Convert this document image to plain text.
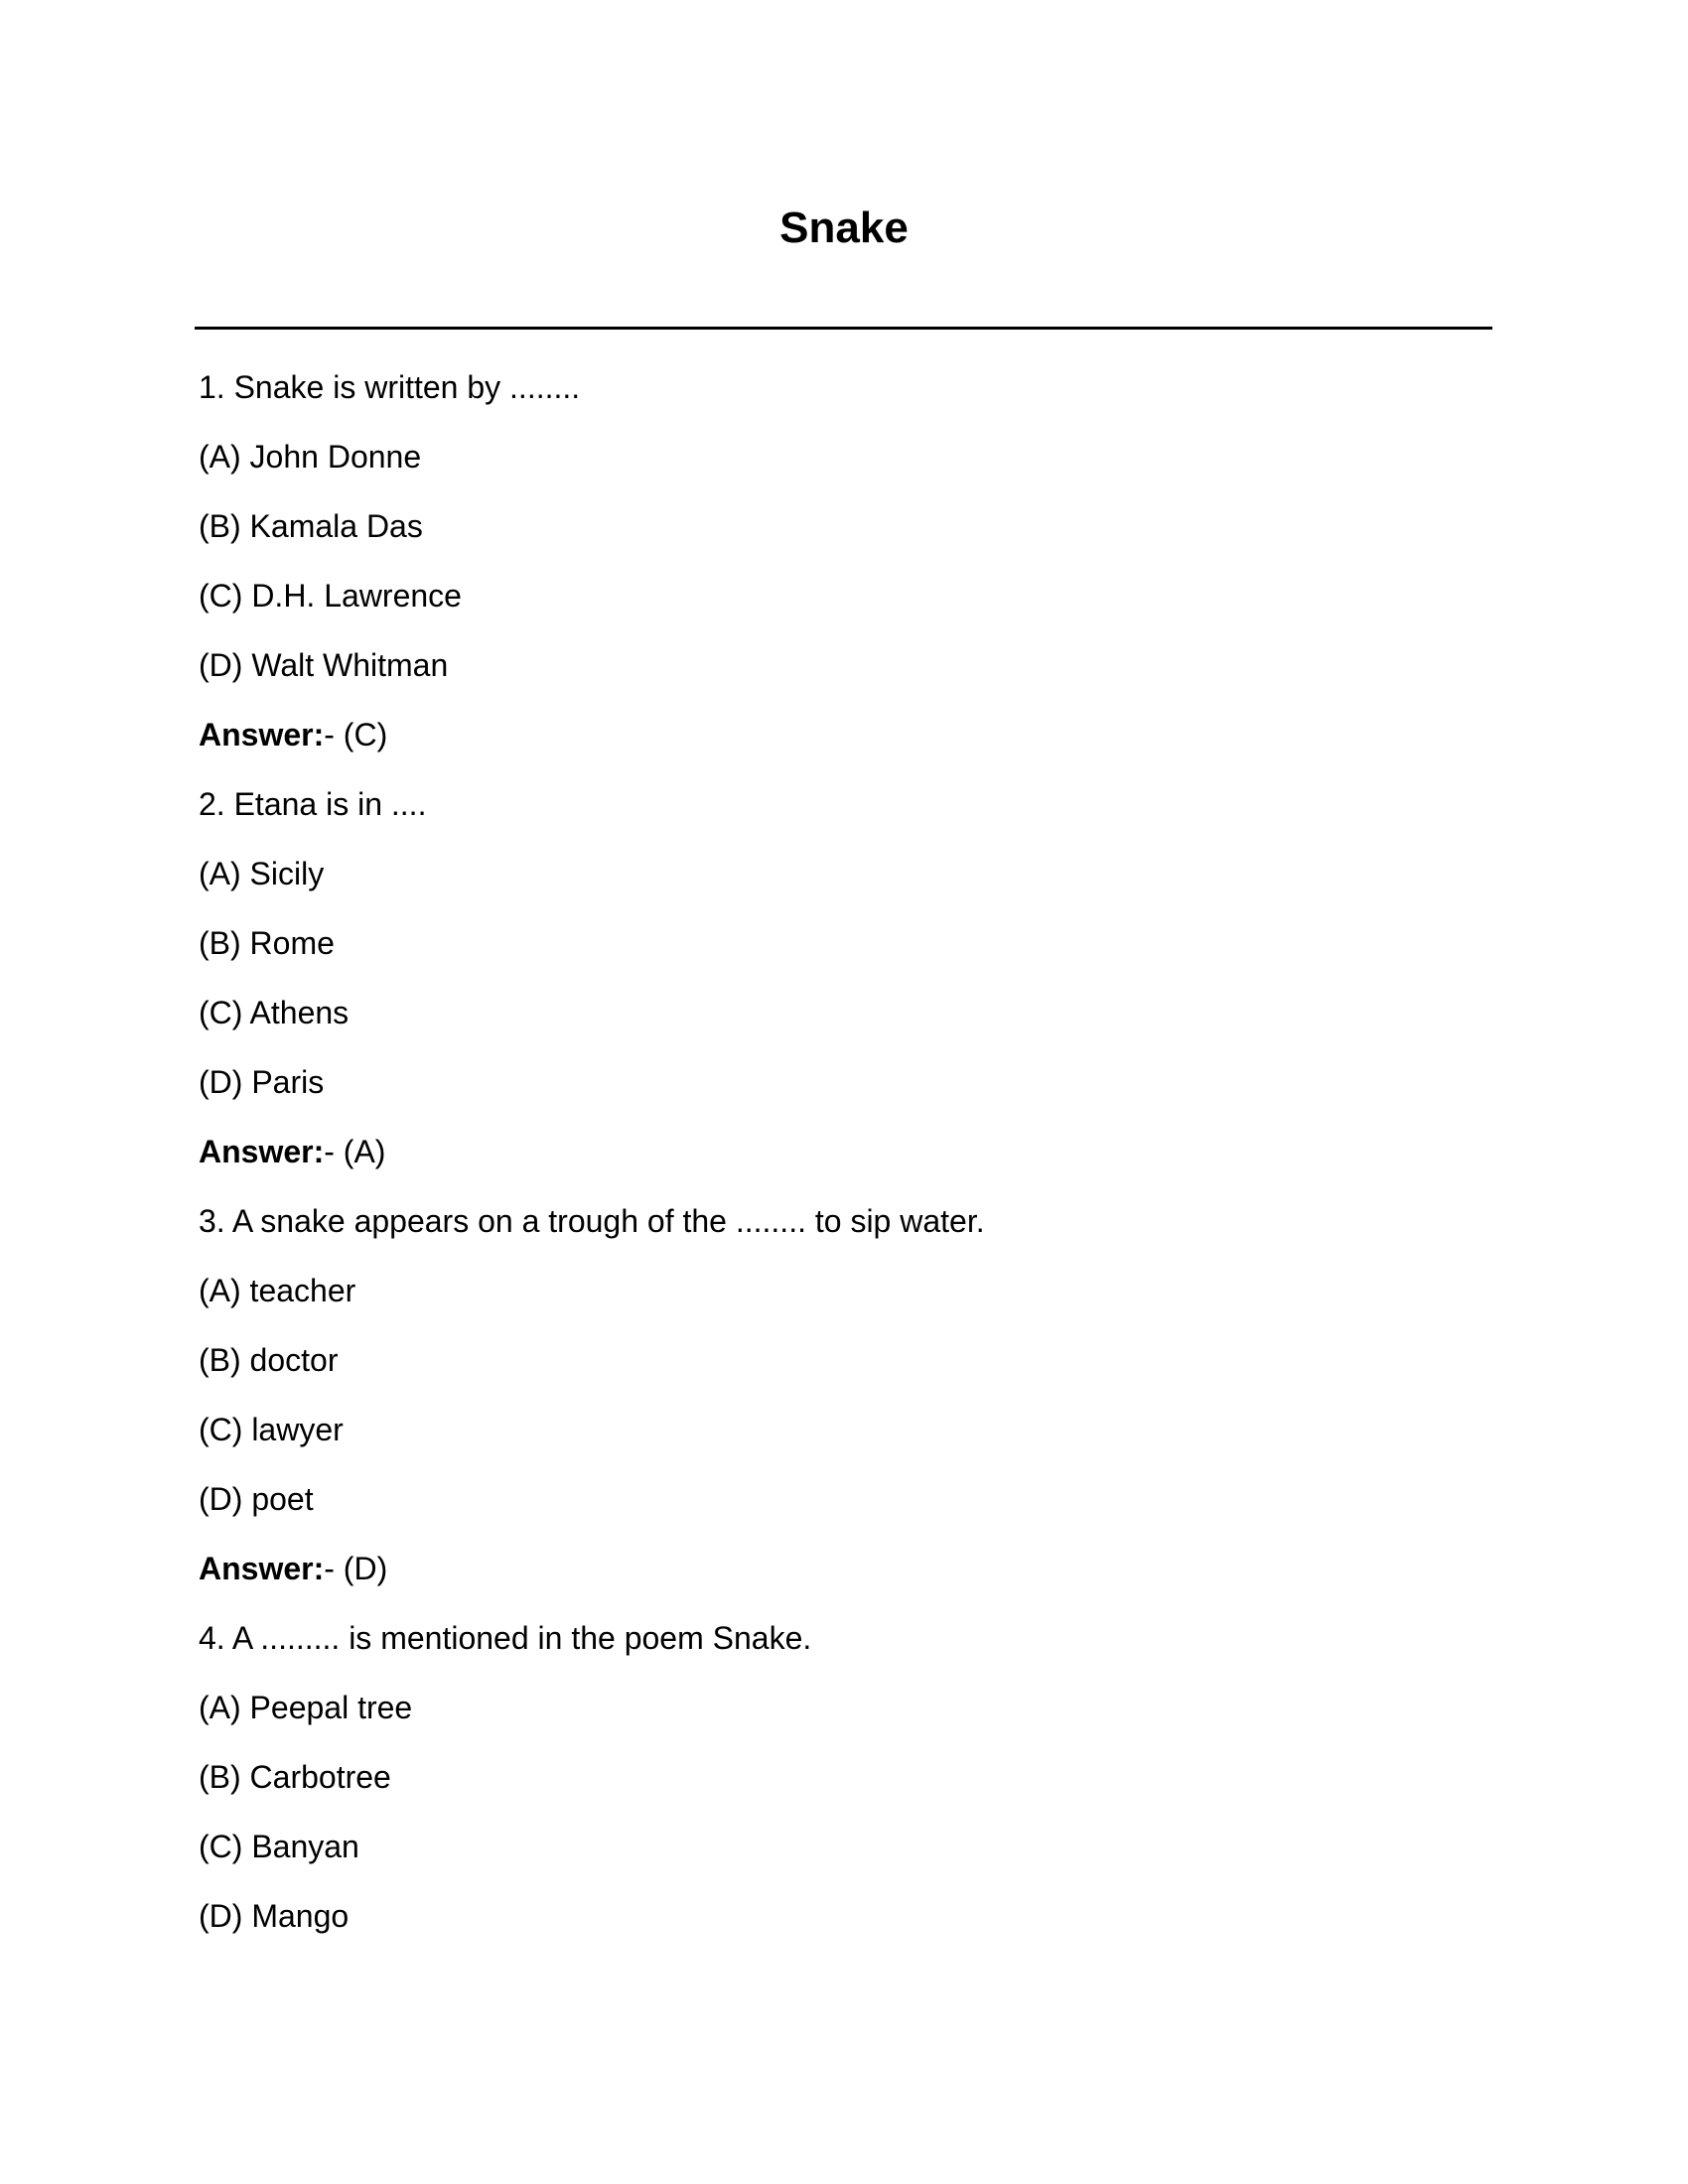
Snake
1. Snake is written by ........
(A) John Donne
(B) Kamala Das
(C) D.H. Lawrence
(D) Walt Whitman
Answer:- (C)
2. Etana is in ....
(A) Sicily
(B) Rome
(C) Athens
(D) Paris
Answer:- (A)
3. A snake appears on a trough of the ........ to sip water.
(A) teacher
(B) doctor
(C) lawyer
(D) poet
Answer:- (D)
4. A ......... is mentioned in the poem Snake.
(A) Peepal tree
(B) Carbotree
(C) Banyan
(D) Mango
